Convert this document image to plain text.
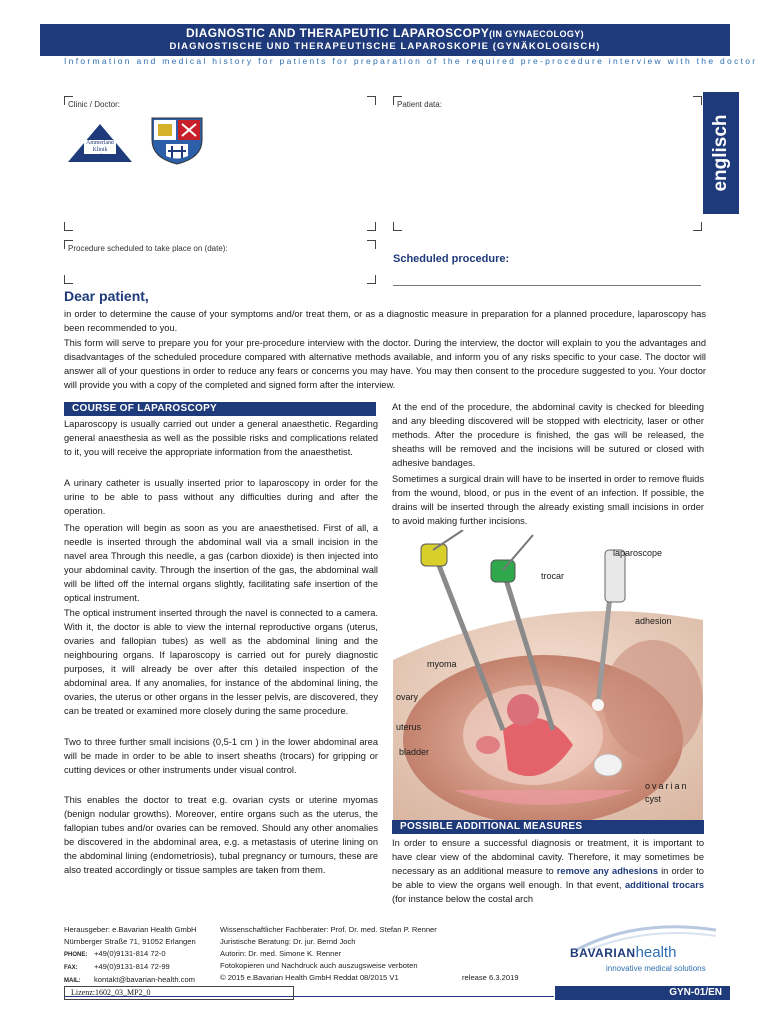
DIAGNOSTIC AND THERAPEUTIC LAPAROSCOPY(IN GYNAECOLOGY)
DIAGNOSTISCHE UND THERAPEUTISCHE LAPAROSKOPIE (GYNÄKOLOGISCH)
Information and medical history for patients for preparation of the required pre-procedure interview with the doctor
Clinic / Doctor:
Ammerland Klinik GmbH
Patient data:
englisch
Procedure scheduled to take place on (date):
Scheduled procedure:
Dear patient,
in order to determine the cause of your symptoms and/or treat them, or as a diagnostic measure in preparation for a planned procedure, laparoscopy has been recommended to you.
This form will serve to prepare you for your pre-procedure interview with the doctor. During the interview, the doctor will explain to you the advantages and disadvantages of the scheduled procedure compared with alternative methods available, and inform you of any risks specific to your case. The doctor will answer all of your questions in order to reduce any fears or concerns you may have. You may then consent to the procedure suggested to you. Your doctor will provide you with a copy of the completed and signed form after the interview.
COURSE OF LAPAROSCOPY
Laparoscopy is usually carried out under a general anaesthetic. Regarding general anaesthesia as well as the possible risks and complications related to it, you will receive the appropriate information from the anaesthetist.
A urinary catheter is usually inserted prior to laparoscopy in order for the urine to be able to pass without any difficulties during and after the operation.
The operation will begin as soon as you are anaesthetised. First of all, a needle is inserted through the abdominal wall via a small incision in the navel area Through this needle, a gas (carbon dioxide) is then injected into your abdominal cavity. Through the insertion of the gas, the abdominal wall will be lifted off the internal organs slightly, facilitating safe insertion of the optical instrument.
The optical instrument inserted through the navel is connected to a camera. With it, the doctor is able to view the internal reproductive organs (uterus, ovaries and fallopian tubes) as well as the abdominal lining and the neighbouring organs. If laparoscopy is carried out for purely diagnostic purposes, it will already be over after this detailed inspection of the abdominal area. If any anomalies, for instance of the abdominal lining, the ovaries, the uterus or other organs in the lesser pelvis, are discovered, they can be treated or examined more closely during the same procedure.
Two to three further small incisions (0,5-1 cm ) in the lower abdominal area will be made in order to be able to insert sheaths (trocars) for gripping or cutting devices or other instruments under visual control.
This enables the doctor to treat e.g. ovarian cysts or uterine myomas (benign nodular growths). Moreover, entire organs such as the uterus, the fallopian tubes and/or ovaries can be removed. Should any other anomalies be discovered in the abdominal area, e.g. a metastasis of uterine lining on the abdominal lining (endometriosis), tubal pregnancy or tumours, these are also treated accordingly or tissue samples are taken from them.
At the end of the procedure, the abdominal cavity is checked for bleeding and any bleeding discovered will be stopped with electricity, laser or other methods. After the procedure is finished, the gas will be released, the sheaths will be removed and the incisions will be sutured or closed with adhesive bandages.
Sometimes a surgical drain will have to be inserted in order to remove fluids from the wound, blood, or pus in the event of an infection. If possible, the drains will be inserted through the already existing small incisions in order to avoid making further incisions.
laparoscope
trocar
adhesion
myoma
ovary
uterus
bladder
ovarian
cyst
POSSIBLE ADDITIONAL MEASURES
In order to ensure a successful diagnosis or treatment, it is important to have clear view of the abdominal cavity. Therefore, it may sometimes be necessary as an additional measure to remove any adhesions in order to be able to view the organs well enough. In that event, additional trocars (for instance below the costal arch
Herausgeber: e.Bavarian Health GmbH
Nürnberger Straße 71, 91052 Erlangen
PHONE: +49(0)9131-814 72-0
FAX: +49(0)9131-814 72-99
MAIL: kontakt@bavarian-health.com
Wissenschaftlicher Fachberater: Prof. Dr. med. Stefan P. Renner
Juristische Beratung: Dr. jur. Bernd Joch
Autorin: Dr. med. Simone K. Renner
Fotokopieren und Nachdruck auch auszugsweise verboten
© 2015 e.Bavarian Health GmbH Reddat 08/2015 V1	release 6.3.2019
BAVARIANhealth
innovative medical solutions
Lizenz:1602_03_MP2_0	GYN-01/EN
